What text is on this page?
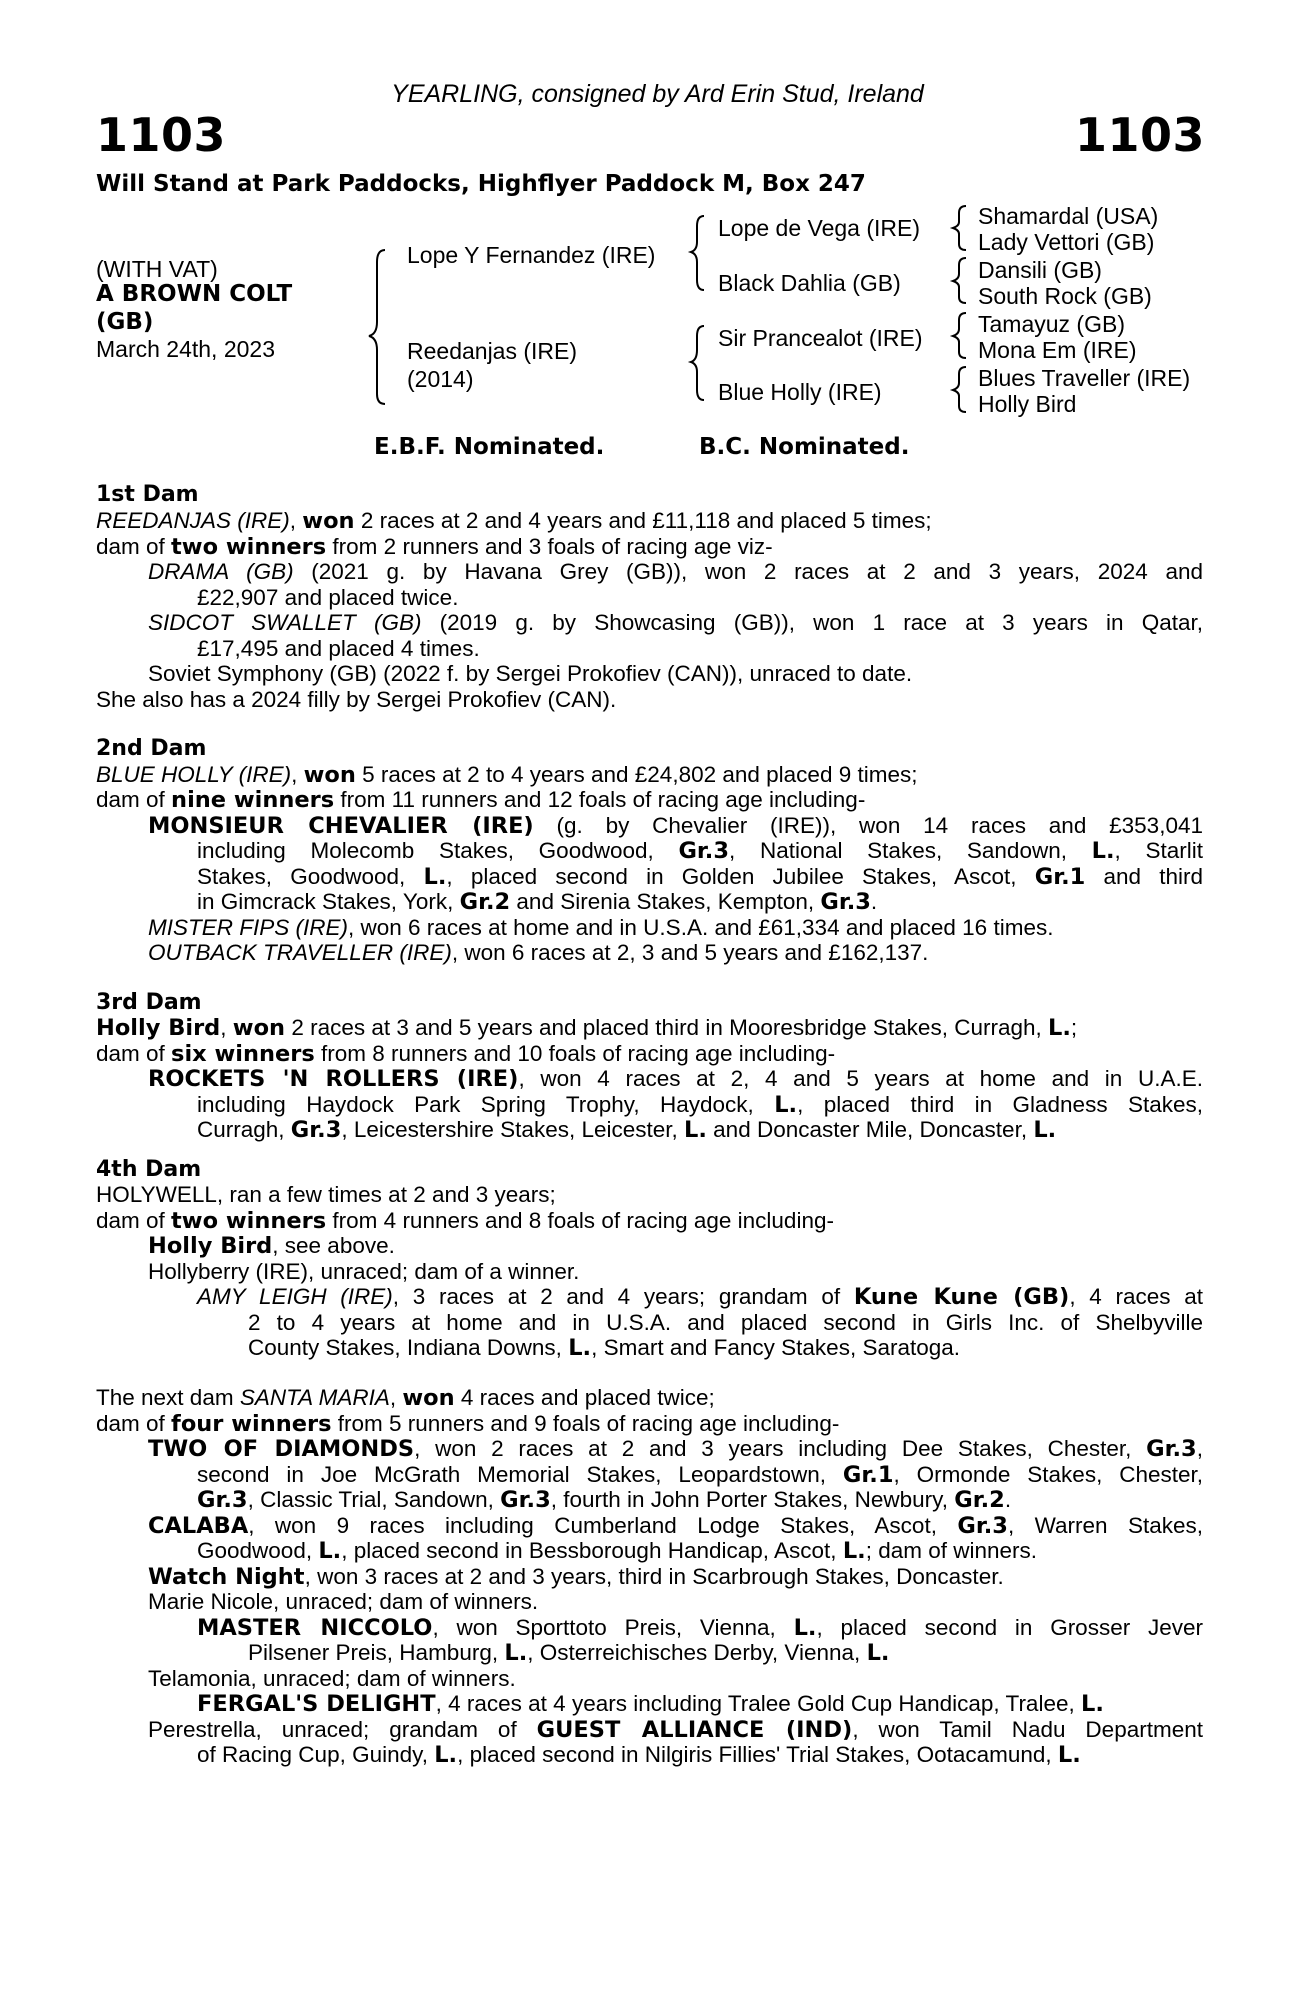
YEARLING, consigned by Ard Erin Stud, Ireland
1103	1103
Will Stand at Park Paddocks, Highflyer Paddock M, Box 247
(WITH VAT)
A BROWN COLT
(GB)
March 24th, 2023
Lope Y Fernandez (IRE)
Reedanjas (IRE)
(2014)
Lope de Vega (IRE)
Black Dahlia (GB)
Sir Prancealot (IRE)
Blue Holly (IRE)
Shamardal (USA)
Lady Vettori (GB)
Dansili (GB)
South Rock (GB)
Tamayuz (GB)
Mona Em (IRE)
Blues Traveller (IRE)
Holly Bird
E.B.F. Nominated.	B.C. Nominated.
1st Dam
REEDANJAS (IRE), won 2 races at 2 and 4 years and £11,118 and placed 5 times;
dam of two winners from 2 runners and 3 foals of racing age viz-
DRAMA (GB) (2021 g. by Havana Grey (GB)), won 2 races at 2 and 3 years, 2024 and
£22,907 and placed twice.
SIDCOT SWALLET (GB) (2019 g. by Showcasing (GB)), won 1 race at 3 years in Qatar,
£17,495 and placed 4 times.
Soviet Symphony (GB) (2022 f. by Sergei Prokofiev (CAN)), unraced to date.
She also has a 2024 filly by Sergei Prokofiev (CAN).
2nd Dam
BLUE HOLLY (IRE), won 5 races at 2 to 4 years and £24,802 and placed 9 times;
dam of nine winners from 11 runners and 12 foals of racing age including-
MONSIEUR CHEVALIER (IRE) (g. by Chevalier (IRE)), won 14 races and £353,041
including Molecomb Stakes, Goodwood, Gr.3, National Stakes, Sandown, L., Starlit
Stakes, Goodwood, L., placed second in Golden Jubilee Stakes, Ascot, Gr.1 and third
in Gimcrack Stakes, York, Gr.2 and Sirenia Stakes, Kempton, Gr.3.
MISTER FIPS (IRE), won 6 races at home and in U.S.A. and £61,334 and placed 16 times.
OUTBACK TRAVELLER (IRE), won 6 races at 2, 3 and 5 years and £162,137.
3rd Dam
Holly Bird, won 2 races at 3 and 5 years and placed third in Mooresbridge Stakes, Curragh, L.;
dam of six winners from 8 runners and 10 foals of racing age including-
ROCKETS 'N ROLLERS (IRE), won 4 races at 2, 4 and 5 years at home and in U.A.E.
including Haydock Park Spring Trophy, Haydock, L., placed third in Gladness Stakes,
Curragh, Gr.3, Leicestershire Stakes, Leicester, L. and Doncaster Mile, Doncaster, L.
4th Dam
HOLYWELL, ran a few times at 2 and 3 years;
dam of two winners from 4 runners and 8 foals of racing age including-
Holly Bird, see above.
Hollyberry (IRE), unraced; dam of a winner.
AMY LEIGH (IRE), 3 races at 2 and 4 years; grandam of Kune Kune (GB), 4 races at
2 to 4 years at home and in U.S.A. and placed second in Girls Inc. of Shelbyville
County Stakes, Indiana Downs, L., Smart and Fancy Stakes, Saratoga.
The next dam SANTA MARIA, won 4 races and placed twice;
dam of four winners from 5 runners and 9 foals of racing age including-
TWO OF DIAMONDS, won 2 races at 2 and 3 years including Dee Stakes, Chester, Gr.3,
second in Joe McGrath Memorial Stakes, Leopardstown, Gr.1, Ormonde Stakes, Chester,
Gr.3, Classic Trial, Sandown, Gr.3, fourth in John Porter Stakes, Newbury, Gr.2.
CALABA, won 9 races including Cumberland Lodge Stakes, Ascot, Gr.3, Warren Stakes,
Goodwood, L., placed second in Bessborough Handicap, Ascot, L.; dam of winners.
Watch Night, won 3 races at 2 and 3 years, third in Scarbrough Stakes, Doncaster.
Marie Nicole, unraced; dam of winners.
MASTER NICCOLO, won Sporttoto Preis, Vienna, L., placed second in Grosser Jever
Pilsener Preis, Hamburg, L., Osterreichisches Derby, Vienna, L.
Telamonia, unraced; dam of winners.
FERGAL'S DELIGHT, 4 races at 4 years including Tralee Gold Cup Handicap, Tralee, L.
Perestrella, unraced; grandam of GUEST ALLIANCE (IND), won Tamil Nadu Department
of Racing Cup, Guindy, L., placed second in Nilgiris Fillies' Trial Stakes, Ootacamund, L.
